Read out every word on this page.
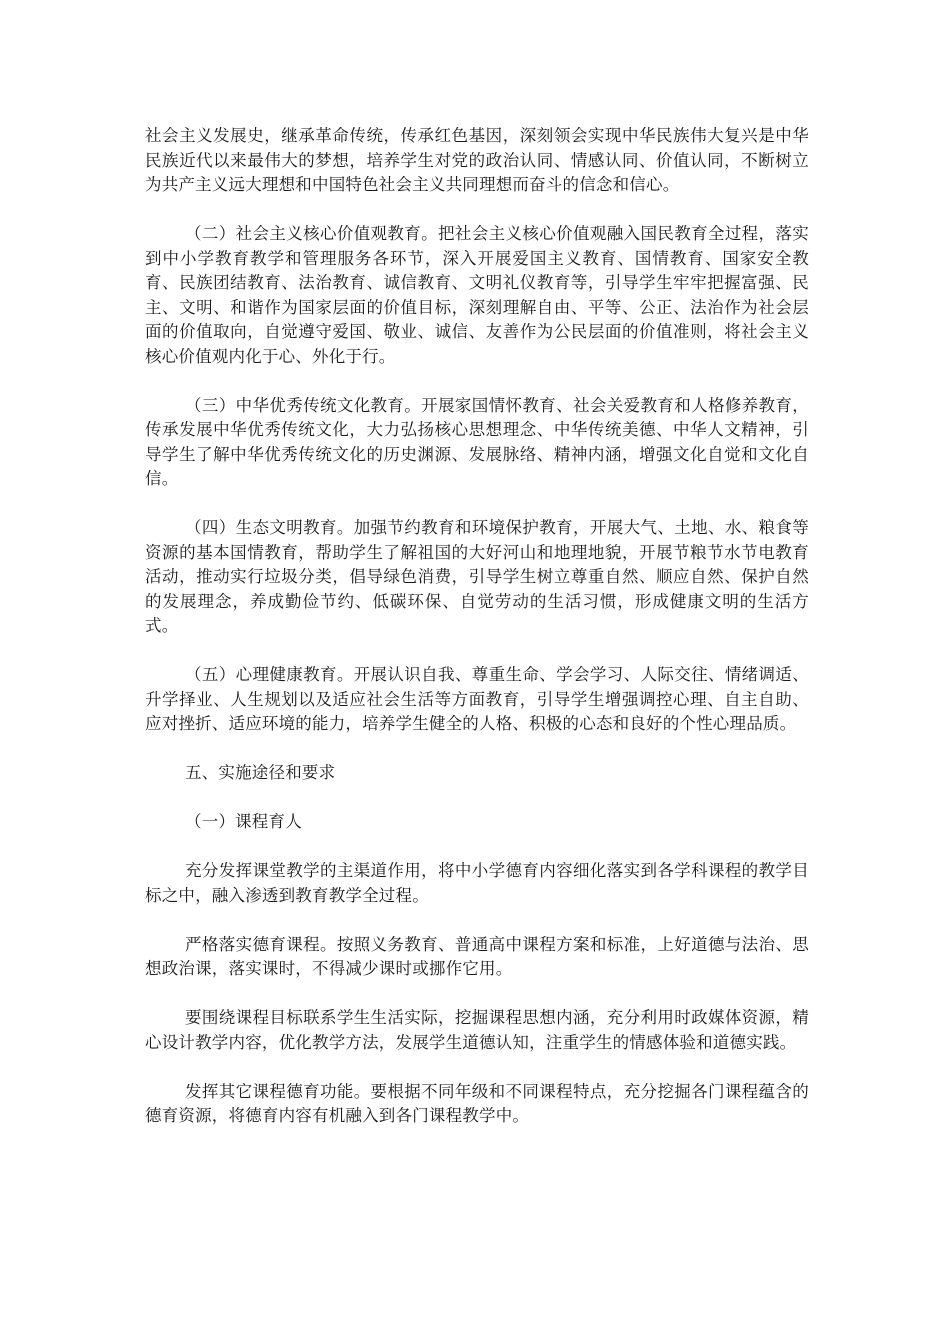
社会主义发展史，继承革命传统，传承红色基因，深刻领会实现中华民族伟大复兴是中华民族近代以来最伟大的梦想，培养学生对党的政治认同、情感认同、价值认同，不断树立为共产主义远大理想和中国特色社会主义共同理想而奋斗的信念和信心。

（二）社会主义核心价值观教育。把社会主义核心价值观融入国民教育全过程，落实到中小学教育教学和管理服务各环节，深入开展爱国主义教育、国情教育、国家安全教育、民族团结教育、法治教育、诚信教育、文明礼仪教育等，引导学生牢牢把握富强、民主、文明、和谐作为国家层面的价值目标，深刻理解自由、平等、公正、法治作为社会层面的价值取向，自觉遵守爱国、敬业、诚信、友善作为公民层面的价值准则，将社会主义核心价值观内化于心、外化于行。

（三）中华优秀传统文化教育。开展家国情怀教育、社会关爱教育和人格修养教育，传承发展中华优秀传统文化，大力弘扬核心思想理念、中华传统美德、中华人文精神，引导学生了解中华优秀传统文化的历史渊源、发展脉络、精神内涵，增强文化自觉和文化自信。

（四）生态文明教育。加强节约教育和环境保护教育，开展大气、土地、水、粮食等资源的基本国情教育，帮助学生了解祖国的大好河山和地理地貌，开展节粮节水节电教育活动，推动实行垃圾分类，倡导绿色消费，引导学生树立尊重自然、顺应自然、保护自然的发展理念，养成勤俭节约、低碳环保、自觉劳动的生活习惯，形成健康文明的生活方式。

（五）心理健康教育。开展认识自我、尊重生命、学会学习、人际交往、情绪调适、升学择业、人生规划以及适应社会生活等方面教育，引导学生增强调控心理、自主自助、应对挫折、适应环境的能力，培养学生健全的人格、积极的心态和良好的个性心理品质。

五、实施途径和要求

（一）课程育人

充分发挥课堂教学的主渠道作用，将中小学德育内容细化落实到各学科课程的教学目标之中，融入渗透到教育教学全过程。

严格落实德育课程。按照义务教育、普通高中课程方案和标准，上好道德与法治、思想政治课，落实课时，不得减少课时或挪作它用。

要围绕课程目标联系学生生活实际，挖掘课程思想内涵，充分利用时政媒体资源，精心设计教学内容，优化教学方法，发展学生道德认知，注重学生的情感体验和道德实践。

发挥其它课程德育功能。要根据不同年级和不同课程特点，充分挖掘各门课程蕴含的德育资源，将德育内容有机融入到各门课程教学中。
